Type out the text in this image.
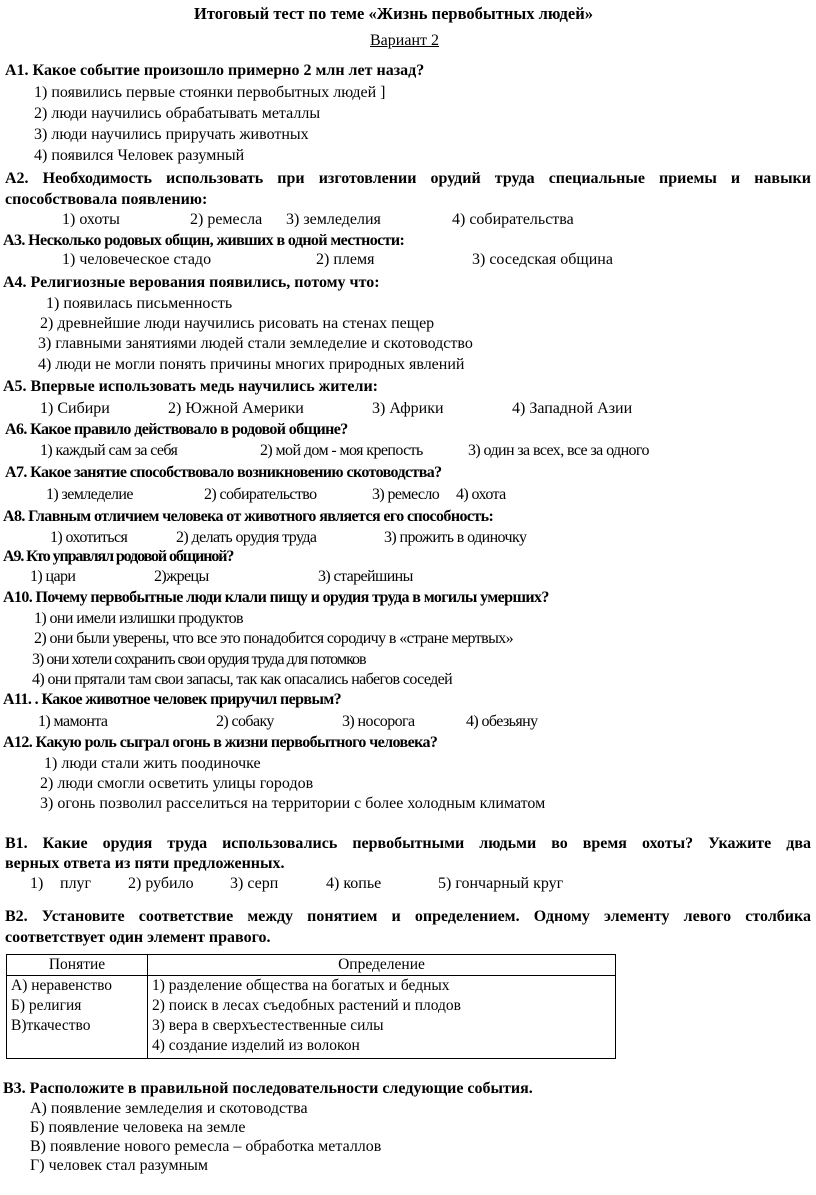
Итоговый тест по теме «Жизнь первобытных людей»
Вариант 2
А1. Какое событие произошло примерно 2 млн лет назад?
1) появились первые стоянки первобытных людей ]
2) люди научились обрабатывать металлы
3) люди научились приручать животных
4) появился Человек разумный
А2. Необходимость использовать при изготовлении орудий труда специальные приемы и навыки
способствовала появлению:
1) охоты	2) ремесла 3) земледелия	4) собирательства
А3. Несколько родовых общин, живших в одной местности:
1) человеческое стадо	2) племя	3) соседская община
А4. Религиозные верования появились, потому что:
1) появилась письменность
2) древнейшие люди научились рисовать на стенах пещер
3) главными занятиями людей стали земледелие и скотоводство
4) люди не могли понять причины многих природных явлений
А5. Впервые использовать медь научились жители:
1) Сибири	2) Южной Америки	3) Африки	4) Западной Азии
А6. Какое правило действовало в родовой общине?
1) каждый сам за себя	2) мой дом - моя крепость	3) один за всех, все за одного
А7. Какое занятие способствовало возникновению скотоводства?
1) земледелие	2) собирательство	3) ремесло 4) охота
А8. Главным отличием человека от животного является его способность:
1) охотиться	2) делать орудия труда	3) прожить в одиночку
А9. Кто управлял родовой общиной?
1) цари	2)жрецы	3) старейшины
А10. Почему первобытные люди клали пищу и орудия труда в могилы умерших?
1) они имели излишки продуктов
2) они были уверены, что все это понадобится сородичу в «стране мертвых»
3) они хотели сохранить свои орудия труда для потомков
4) они прятали там свои запасы, так как опасались набегов соседей
А11. . Какое животное человек приручил первым?
1) мамонта	2) собаку	3) носорога	4) обезьяну
А12. Какую роль сыграл огонь в жизни первобытного человека?
1) люди стали жить поодиночке
2) люди смогли осветить улицы городов
3) огонь позволил расселиться на территории с более холодным климатом
В1. Какие орудия труда использовались первобытными людьми во время охоты? Укажите два
верных ответа из пяти предложенных.
1) плуг 2) рубило 3) серп	4) копье	5) гончарный круг
В2. Установите соответствие между понятием и определением. Одному элементу левого столбика
соответствует один элемент правого.
Понятие	Определение
А) неравенство	1) разделение общества на богатых и бедных
Б) религия	2) поиск в лесах съедобных растений и плодов
В)ткачество	3) вера в сверхъестественные силы
	4) создание изделий из волокон
В3. Расположите в правильной последовательности следующие события.
А) появление земледелия и скотоводства
Б) появление человека на земле
В) появление нового ремесла – обработка металлов
Г) человек стал разумным
